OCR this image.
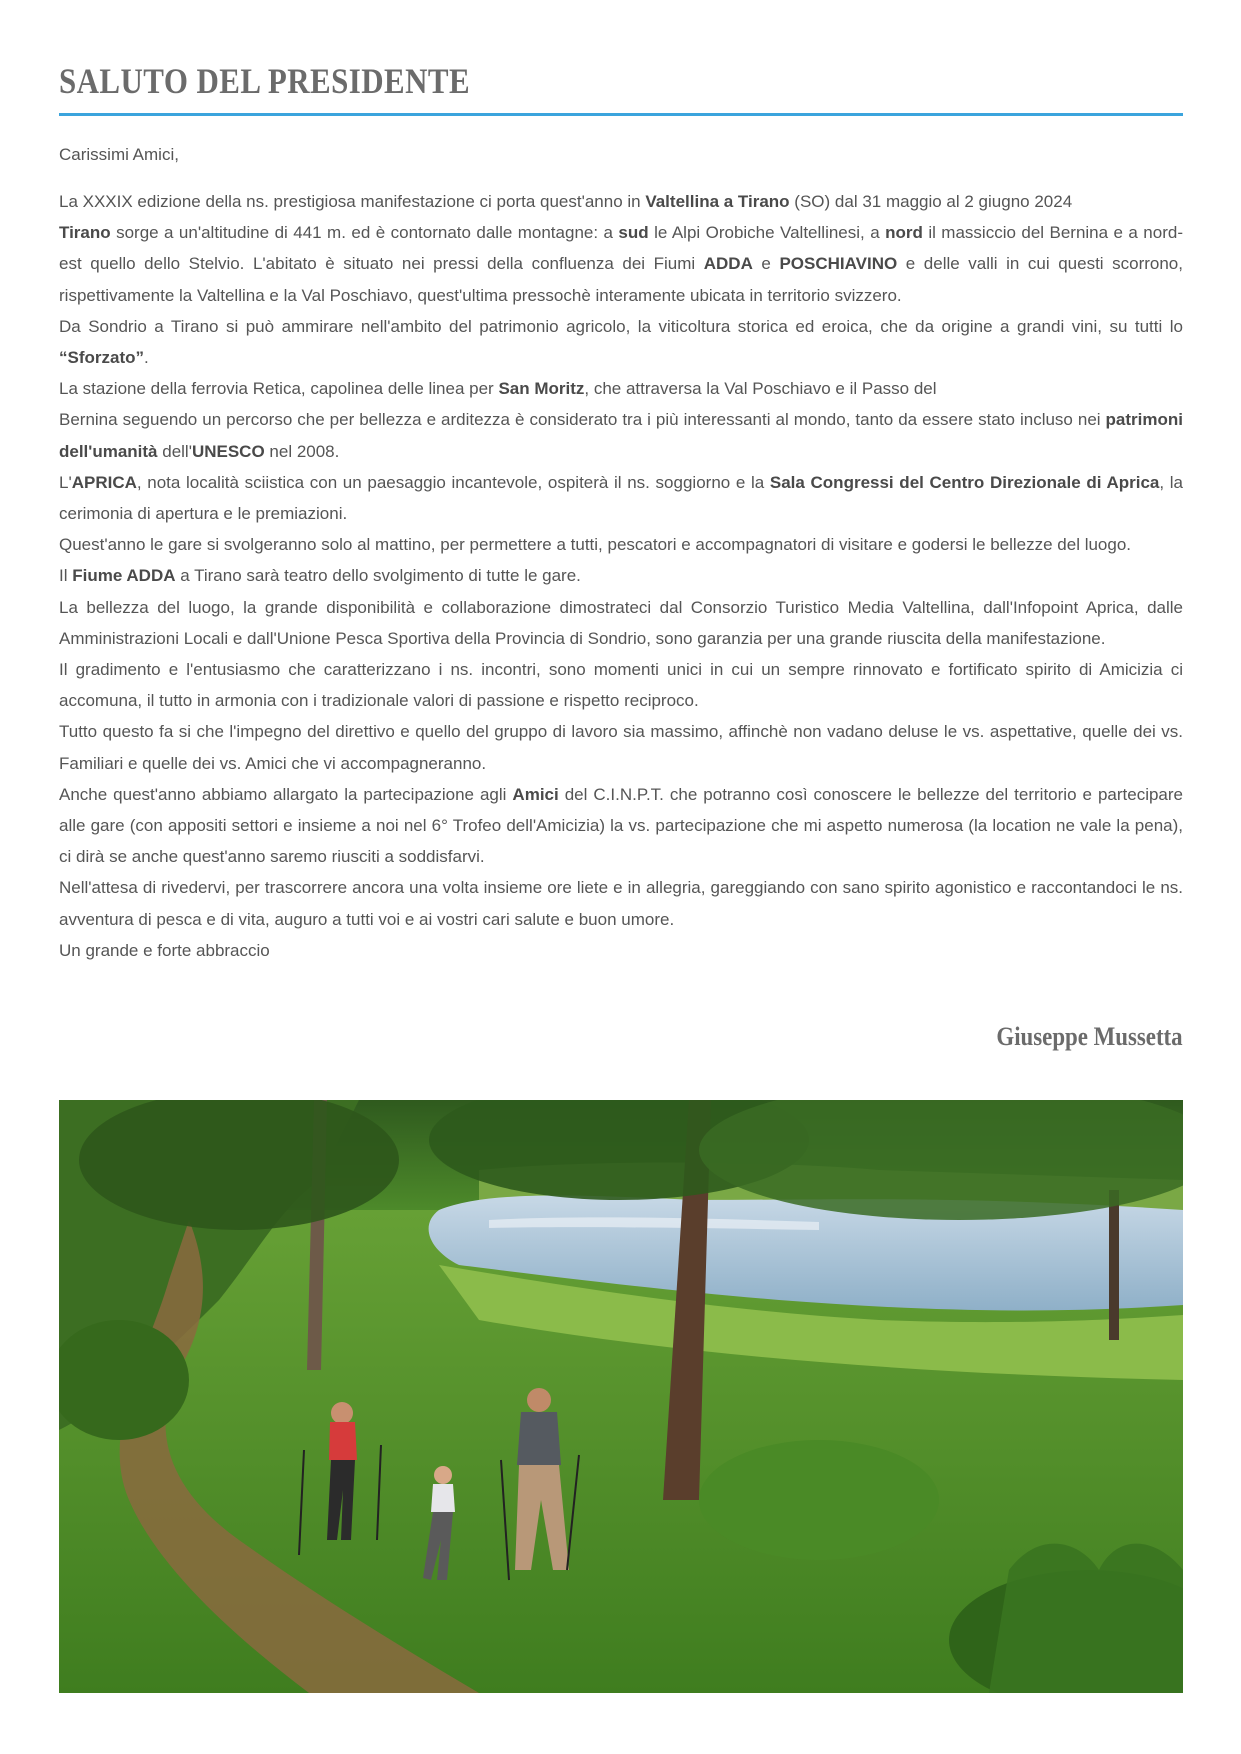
SALUTO DEL PRESIDENTE
Carissimi Amici,

La XXXIX edizione della ns. prestigiosa manifestazione ci porta quest'anno in Valtellina a Tirano (SO) dal 31 maggio al 2 giugno 2024

Tirano sorge a un'altitudine di 441 m. ed è contornato dalle montagne: a sud le Alpi Orobiche Valtellinesi, a nord il massiccio del Bernina e a nord-est quello dello Stelvio. L'abitato è situato nei pressi della confluenza dei Fiumi ADDA e POSCHIAVINO e delle valli in cui questi scorrono, rispettivamente la Valtellina e la Val Poschiavo, quest'ultima pressochè interamente ubicata in territorio svizzero.

Da Sondrio a Tirano si può ammirare nell'ambito del patrimonio agricolo, la viticoltura storica ed eroica, che da origine a grandi vini, su tutti lo “Sforzato”.

La stazione della ferrovia Retica, capolinea delle linea per San Moritz, che attraversa la Val Poschiavo e il Passo del

Bernina seguendo un percorso che per bellezza e arditezza è considerato tra i più interessanti al mondo, tanto da essere stato incluso nei patrimoni dell'umanità dell'UNESCO nel 2008.

L'APRICA, nota località sciistica con un paesaggio incantevole, ospiterà il ns. soggiorno e la Sala Congressi del Centro Direzionale di Aprica, la cerimonia di apertura e le premiazioni.

Quest'anno le gare si svolgeranno solo al mattino, per permettere a tutti, pescatori e accompagnatori di visitare e godersi le bellezze del luogo.

Il Fiume ADDA a Tirano sarà teatro dello svolgimento di tutte le gare.

La bellezza del luogo, la grande disponibilità e collaborazione dimostrateci dal Consorzio Turistico Media Valtellina, dall'Infopoint Aprica, dalle Amministrazioni Locali e dall'Unione Pesca Sportiva della Provincia di Sondrio, sono garanzia per una grande riuscita della manifestazione.

Il gradimento e l'entusiasmo che caratterizzano i ns. incontri, sono momenti unici in cui un sempre rinnovato e fortificato spirito di Amicizia ci accomuna, il tutto in armonia con i tradizionale valori di passione e rispetto reciproco.

Tutto questo fa si che l'impegno del direttivo e quello del gruppo di lavoro sia massimo, affinchè non vadano deluse le vs. aspettative, quelle dei vs. Familiari e quelle dei vs. Amici che vi accompagneranno.

Anche quest'anno abbiamo allargato la partecipazione agli Amici del C.I.N.P.T. che potranno così conoscere le bellezze del territorio e partecipare alle gare (con appositi settori e insieme a noi nel 6° Trofeo dell'Amicizia) la vs. partecipazione che mi aspetto numerosa (la location ne vale la pena), ci dirà se anche quest'anno saremo riusciti a soddisfarvi.

Nell'attesa di rivedervi, per trascorrere ancora una volta insieme ore liete e in allegria, gareggiando con sano spirito agonistico e raccontandoci le ns. avventura di pesca e di vita, auguro a tutti voi e ai vostri cari salute e buon umore.

Un grande e forte abbraccio

Giuseppe Mussetta
